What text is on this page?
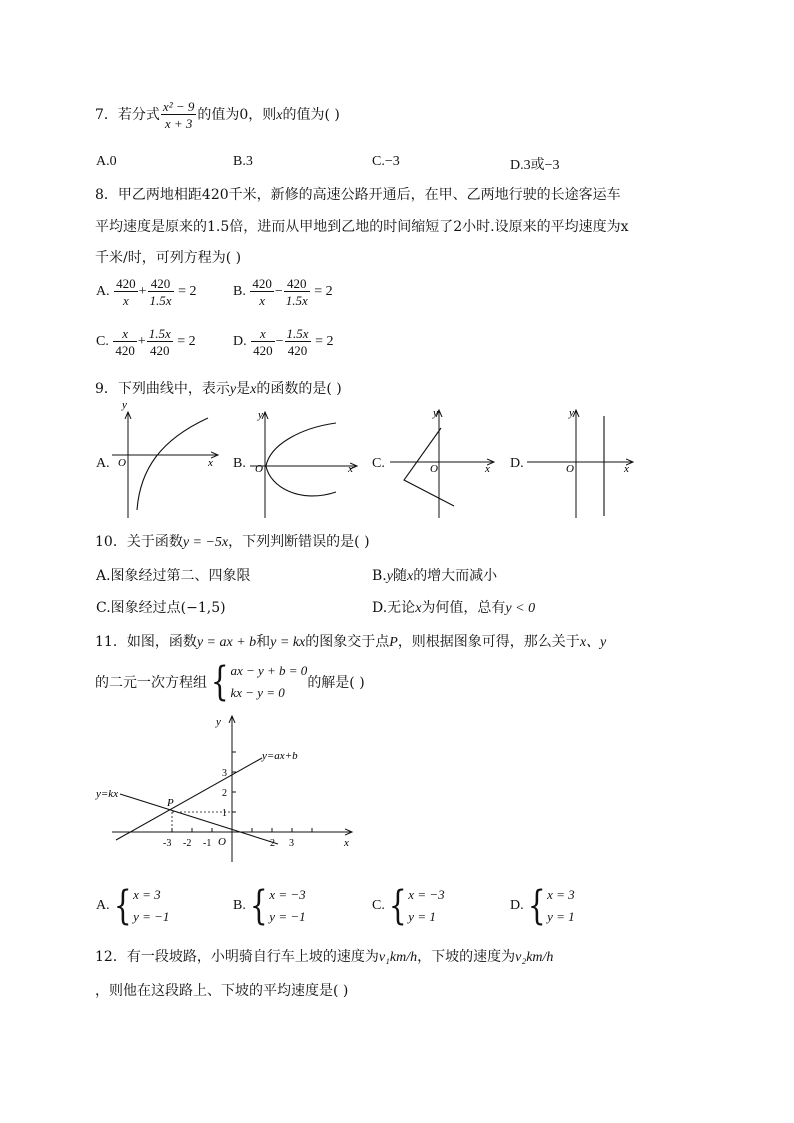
7．若分式 $\frac{\text{x² − 9}}{x + 3}$ 的值为0，则x的值为( )
A.0	B.3	C.−3	D.3或−3
8．甲乙两地相距420千米，新修的高速公路开通后，在甲、乙两地行驶的长途客运车
平均速度是原来的1.5倍，进而从甲地到乙地的时间缩短了2小时.设原来的平均速度为x
千米/时，可列方程为( )
A. $\frac{420}{x} + \frac{420}{1.5x} = 2$	B. $\frac{420}{x} - \frac{420}{1.5x} = 2$
C. $\frac{x}{420} + \frac{1.5x}{420} = 2$	D. $\frac{x}{420} - \frac{1.5x}{420} = 2$
9．下列曲线中，表示y是x的函数的是( )
y
x
O
y
x
O
y
x
O
y
x
O
A.	B.	C.	D.
10．关于函数y = −5x，下列判断错误的是( )
A.图象经过第二、四象限	B.y随x的增大而减小
C.图象经过点(−1,5)	D.无论x为何值，总有y < 0
11．如图，函数y = ax + b和y = kx的图象交于点P，则根据图象可得，那么关于x、y
的二元一次方程组{ ax − y + b = 0
kx − y = 0
的解是( )
y=ax+b
y=kx
P
O	x
y
-3 -2 -1	2 3
3
2
1
A.{ x = 3
y = −1
B.{ x = −3
y = −1
C.{ x = −3
y = 1
D.{ x = 3
y = 1
12．有一段坡路，小明骑自行车上坡的速度为v₁km/h，下坡的速度为v₂km/h
，则他在这段路上、下坡的平均速度是( )
